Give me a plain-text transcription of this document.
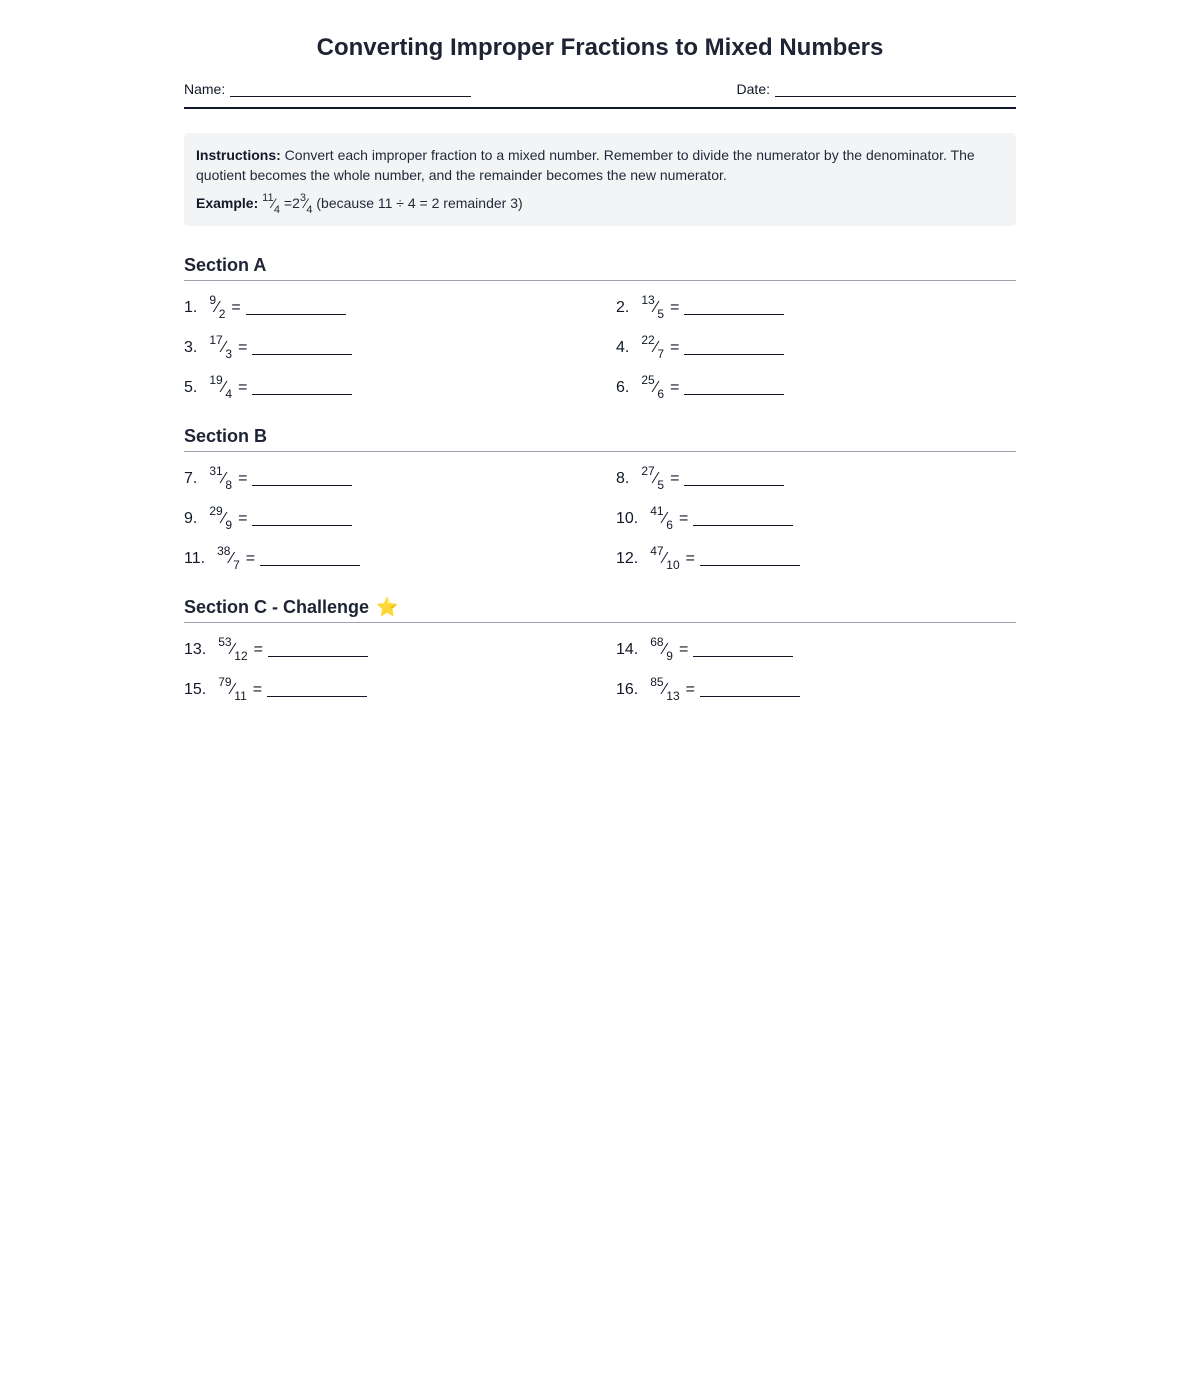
Converting Improper Fractions to Mixed Numbers
Name:	Date:
Instructions: Convert each improper fraction to a mixed number. Remember to divide the numerator by the denominator. The quotient becomes the whole number, and the remainder becomes the new numerator.
Example: $^{11}⁄_4$ $=2^3⁄_4$ (because 11 ÷ 4 = 2 remainder 3)
Section A
1. $^9⁄_2$ =	2. $^{13}⁄_5$ =
3. $^{17}⁄_3$ =	4. $^{22}⁄_7$ =
5. $^{19}⁄_4$ =	6. $^{25}⁄_6$ =
Section B
7. $^{31}⁄_8$ =	8. $^{27}⁄_5$ =
9. $^{29}⁄_9$ =	10. $^{41}⁄_6$ =
11. $^{38}⁄_7$ =	12. $^{47}⁄_{10}$ =
Section C - Challenge ⭐
13. $^{53}⁄_{12}$ =	14. $^{68}⁄_9$ =
15. $^{79}⁄_{11}$ =	16. $^{85}⁄_{13}$ =
